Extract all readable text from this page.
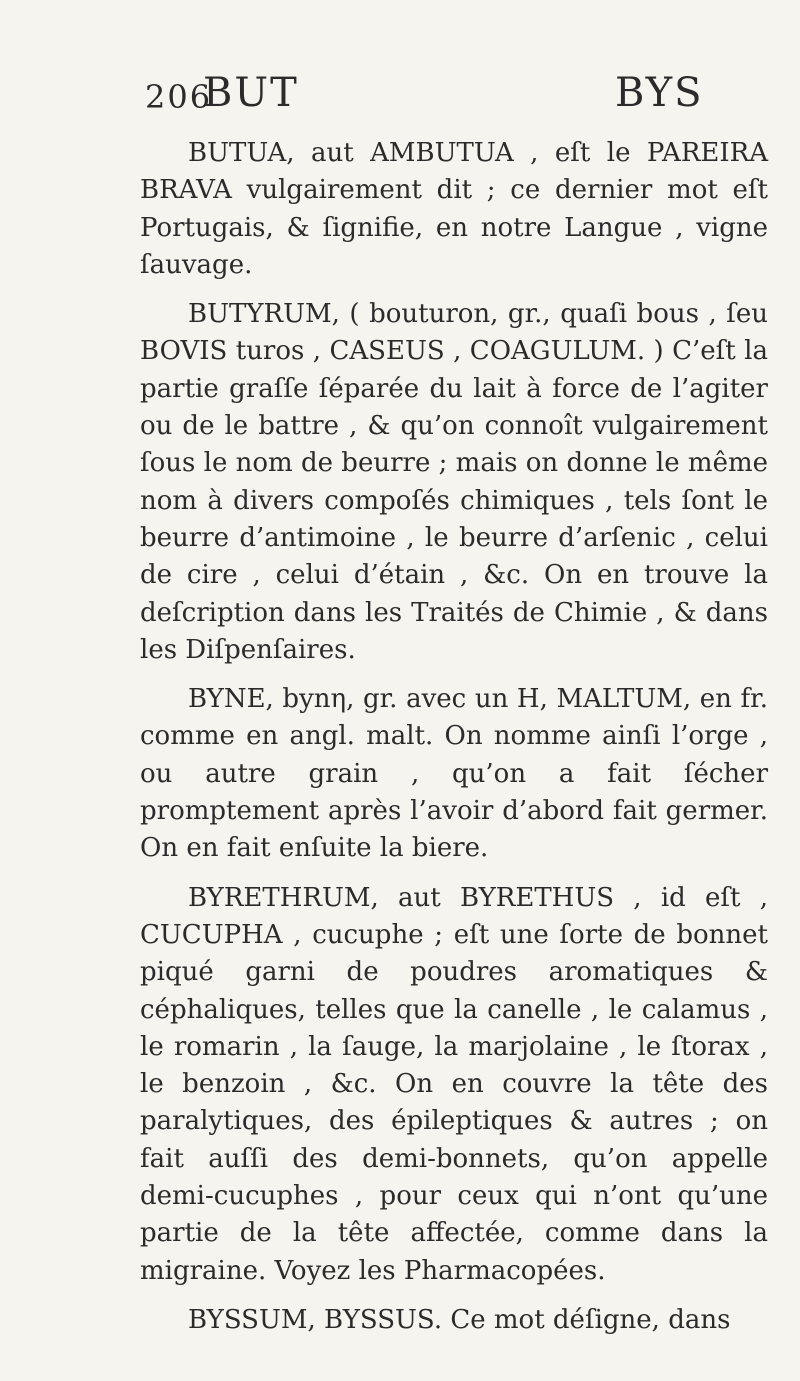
206
BUT	BYS

BUTUA, aut AMBUTUA , eſt le PAREIRA BRAVA vulgairement dit ; ce dernier mot eſt Portugais, & ſignifie, en notre Langue , vigne ſauvage.

BUTYRUM, ( bouturon, gr., quaſi bous , ſeu BOVIS turos , CASEUS , COAGULUM. ) C’eſt la partie graſſe ſéparée du lait à force de l’agiter ou de le battre , & qu’on connoît vulgairement ſous le nom de beurre ; mais on donne le même nom à divers compoſés chimiques , tels ſont le beurre d’antimoine , le beurre d’arſenic , celui de cire , celui d’étain , &c. On en trouve la deſcription dans les Traités de Chimie , & dans les Diſpenſaires.

BYNE, bynη, gr. avec un H, MALTUM, en fr. comme en angl. malt. On nomme ainſi l’orge , ou autre grain , qu’on a fait ſécher promptement après l’avoir d’abord fait germer. On en fait enſuite la biere.

BYRETHRUM, aut BYRETHUS , id eſt , CUCUPHA , cucuphe ; eſt une ſorte de bonnet piqué garni de poudres aromatiques & céphaliques, telles que la canelle , le calamus , le romarin , la ſauge, la marjolaine , le ſtorax , le benzoin , &c. On en couvre la tête des paralytiques, des épileptiques & autres ; on fait auſſi des demi-bonnets, qu’on appelle demi-cucuphes , pour ceux qui n’ont qu’une partie de la tête affectée, comme dans la migraine. Voyez les Pharmacopées.

BYSSUM, BYSSUS. Ce mot déſigne, dans
